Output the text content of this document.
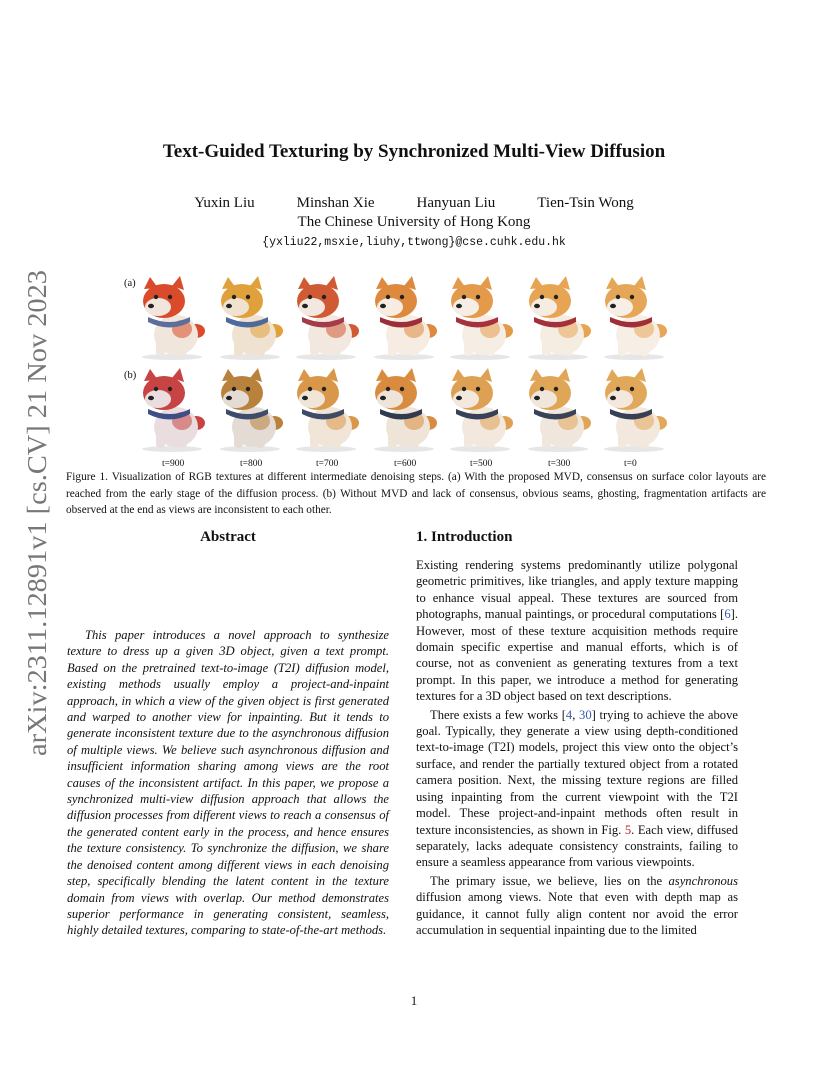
arXiv:2311.12891v1 [cs.CV] 21 Nov 2023
Text-Guided Texturing by Synchronized Multi-View Diffusion
Yuxin Liu	Minshan Xie	Hanyuan Liu	Tien-Tsin Wong
The Chinese University of Hong Kong
{yxliu22,msxie,liuhy,ttwong}@cse.cuhk.edu.hk
(a)
(b)
t=900	t=800	t=700	t=600	t=500	t=300	t=0
Figure 1. Visualization of RGB textures at different intermediate denoising steps. (a) With the proposed MVD, consensus on surface color layouts are reached from the early stage of the diffusion process. (b) Without MVD and lack of consensus, obvious seams, ghosting, fragmentation artifacts are observed at the end as views are inconsistent to each other.
Abstract

This paper introduces a novel approach to synthesize texture to dress up a given 3D object, given a text prompt. Based on the pretrained text-to-image (T2I) diffusion model, existing methods usually employ a project-and-inpaint approach, in which a view of the given object is first generated and warped to another view for inpainting. But it tends to generate inconsistent texture due to the asynchronous diffusion of multiple views. We believe such asynchronous diffusion and insufficient information sharing among views are the root causes of the inconsistent artifact. In this paper, we propose a synchronized multi-view diffusion approach that allows the diffusion processes from different views to reach a consensus of the generated content early in the process, and hence ensures the texture consistency. To synchronize the diffusion, we share the denoised content among different views in each denoising step, specifically blending the latent content in the texture domain from views with overlap. Our method demonstrates superior performance in generating consistent, seamless, highly detailed textures, comparing to state-of-the-art methods.

1. Introduction

Existing rendering systems predominantly utilize polygonal geometric primitives, like triangles, and apply texture mapping to enhance visual appeal. These textures are sourced from photographs, manual paintings, or procedural computations [6]. However, most of these texture acquisition methods require domain specific expertise and manual efforts, which is of course, not as convenient as generating textures from a text prompt. In this paper, we introduce a method for generating textures for a 3D object based on text descriptions.

There exists a few works [4, 30] trying to achieve the above goal. Typically, they generate a view using depth-conditioned text-to-image (T2I) models, project this view onto the object’s surface, and render the partially textured object from a rotated camera position. Next, the missing texture regions are filled using inpainting from the current viewpoint with the T2I model. These project-and-inpaint methods often result in texture inconsistencies, as shown in Fig. 5. Each view, diffused separately, lacks adequate consistency constraints, failing to ensure a seamless appearance from various viewpoints.

The primary issue, we believe, lies on the asynchronous diffusion among views. Note that even with depth map as guidance, it cannot fully align content nor avoid the error accumulation in sequential inpainting due to the limited

1
